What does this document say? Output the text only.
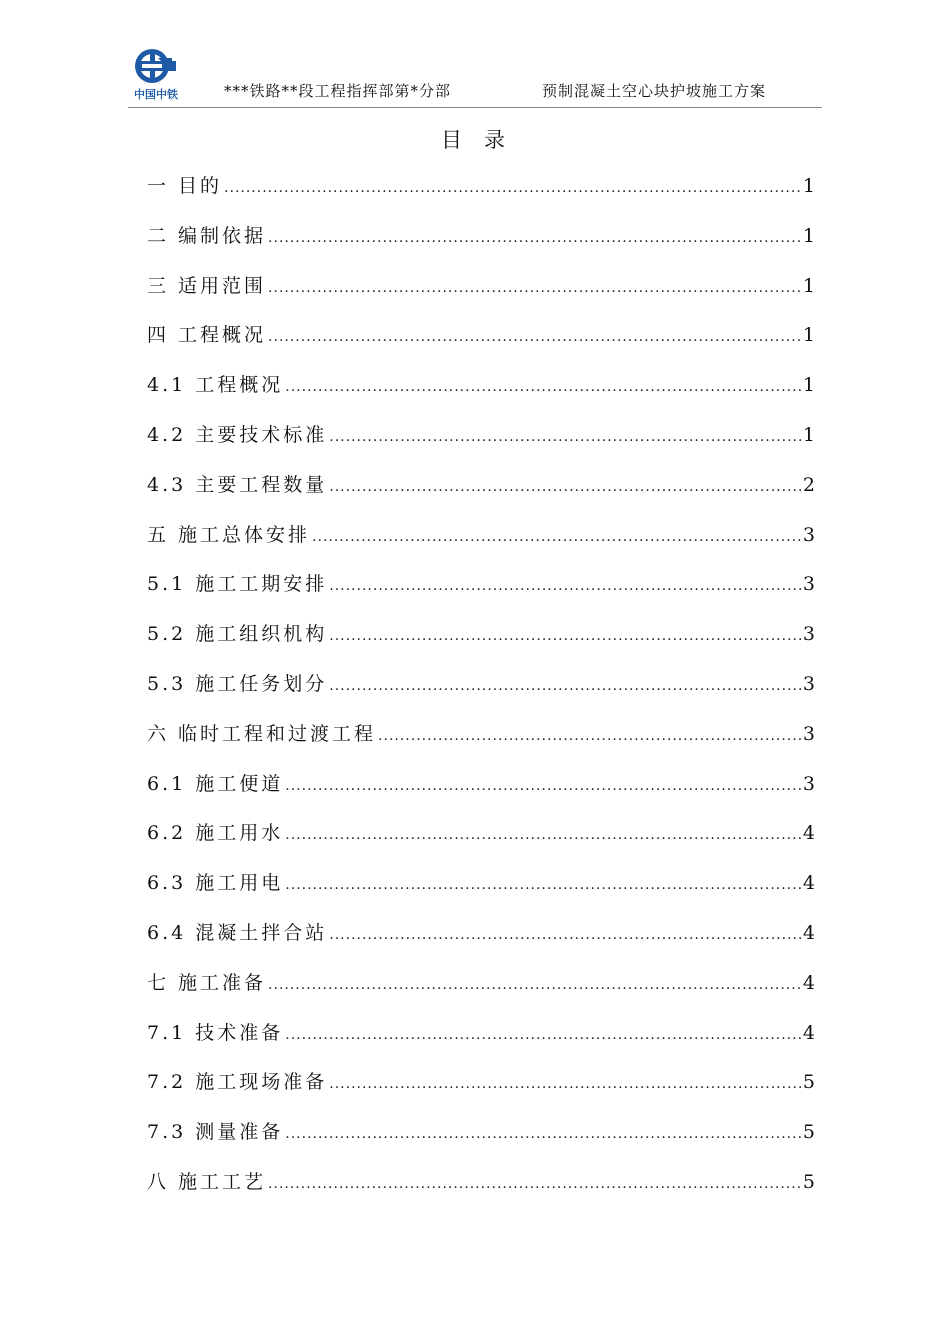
中国中铁	***铁路**段工程指挥部第*分部	预制混凝土空心块护坡施工方案
目录
一 目的 .....	1
二 编制依据 .....	1
三 适用范围 .....	1
四 工程概况 .....	1
4.1 工程概况 .....	1
4.2 主要技术标准 .....	1
4.3 主要工程数量 .....	2
五 施工总体安排 .....	3
5.1 施工工期安排 .....	3
5.2 施工组织机构 .....	3
5.3 施工任务划分 .....	3
六 临时工程和过渡工程 .....	3
6.1 施工便道 .....	3
6.2 施工用水 .....	4
6.3 施工用电 .....	4
6.4 混凝土拌合站 .....	4
七 施工准备 .....	4
7.1 技术准备 .....	4
7.2 施工现场准备 .....	5
7.3 测量准备 .....	5
八 施工工艺 .....	5
